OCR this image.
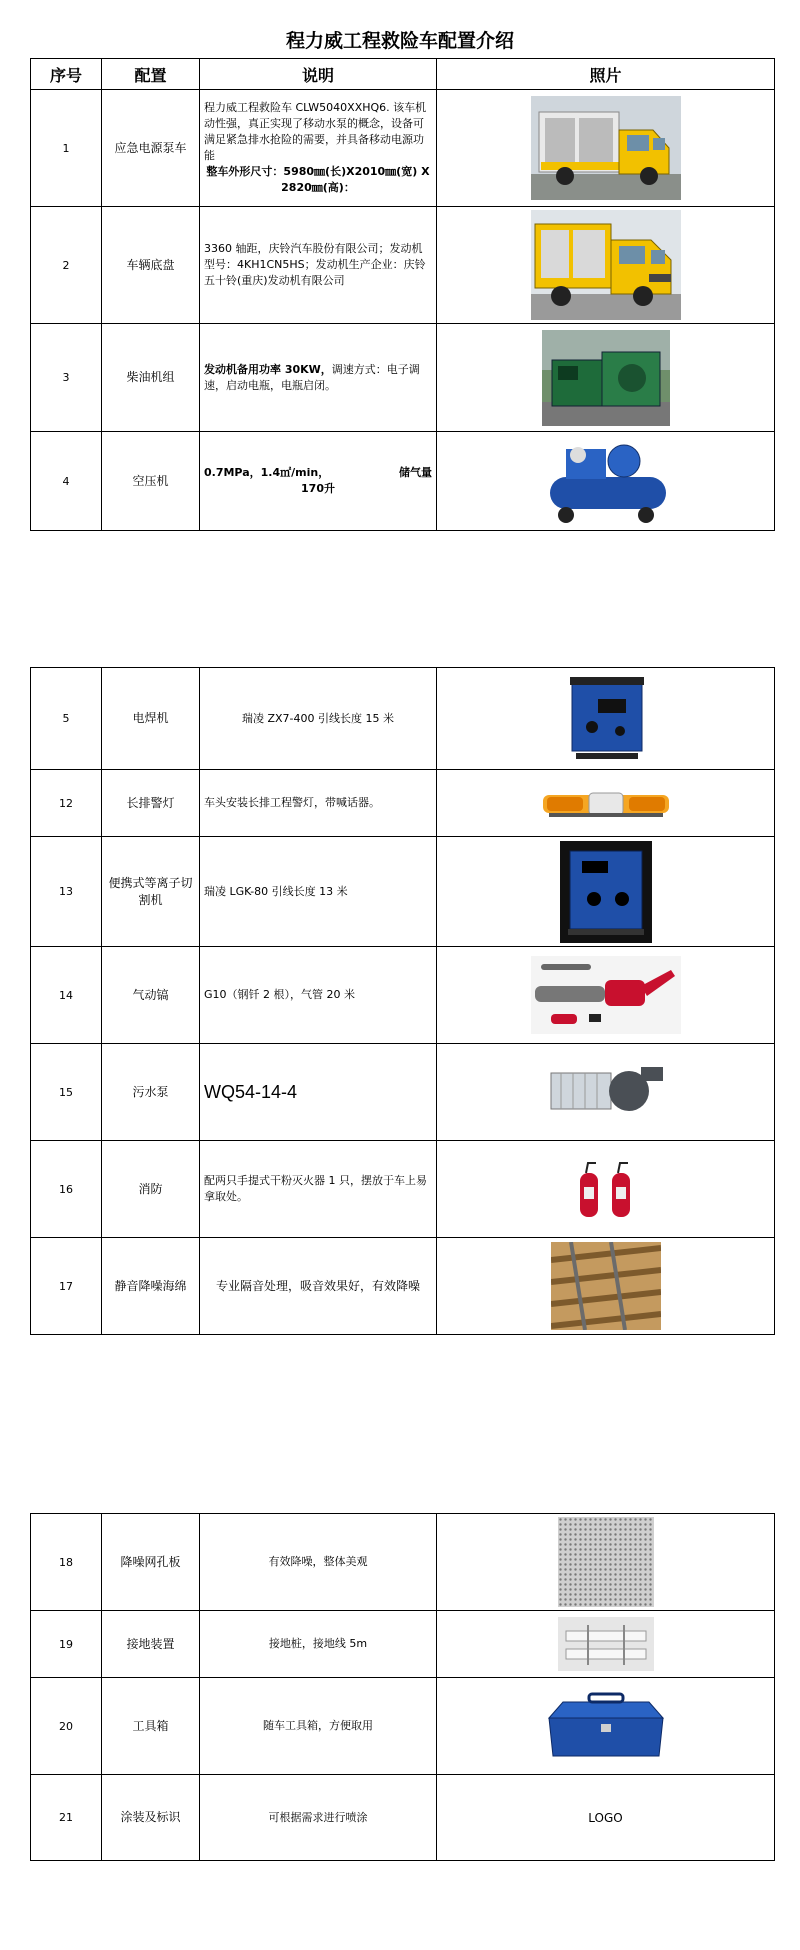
程力威工程救险车配置介绍
序号	配置	说明	照片
1	应急电源泵车	程力威工程救险车 CLW5040XXHQ6. 该车机动性强，真正实现了移动水泵的概念，设备可满足紧急排水抢险的需要，并具备移动电源功能
整车外形尺寸：5980㎜(长)X2010㎜(宽) X 2820㎜(高)：

2	车辆底盘	3360 轴距，庆铃汽车股份有限公司；发动机型号：4KH1CN5HS；发动机生产企业：庆铃五十铃(重庆)发动机有限公司	

3	柴油机组	发动机备用功率 30KW，调速方式：电子调速，启动电瓶，电瓶启闭。	

4	空压机	0.7MPa，1.4㎡/min， 储气量
170升

5	电焊机	瑞凌 ZX7-400 引线长度 15 米	

12	长排警灯	车头安装长排工程警灯，带喊话器。	

13	便携式等离子切割机	瑞凌 LGK-80 引线长度 13 米	

14	气动镐	G10（钢钎 2 根），气管 20 米	

15	污水泵	WQ54-14-4	

16	消防	配两只手提式干粉灭火器 1 只，摆放于车上易拿取处。	

17	静音降噪海绵	专业隔音处理，吸音效果好，有效降噪	
18	降噪网孔板	有效降噪，整体美观	

19	接地装置	接地桩，接地线 5m	

20	工具箱	随车工具箱，方便取用	

21	涂装及标识	可根据需求进行喷涂	LOGO
